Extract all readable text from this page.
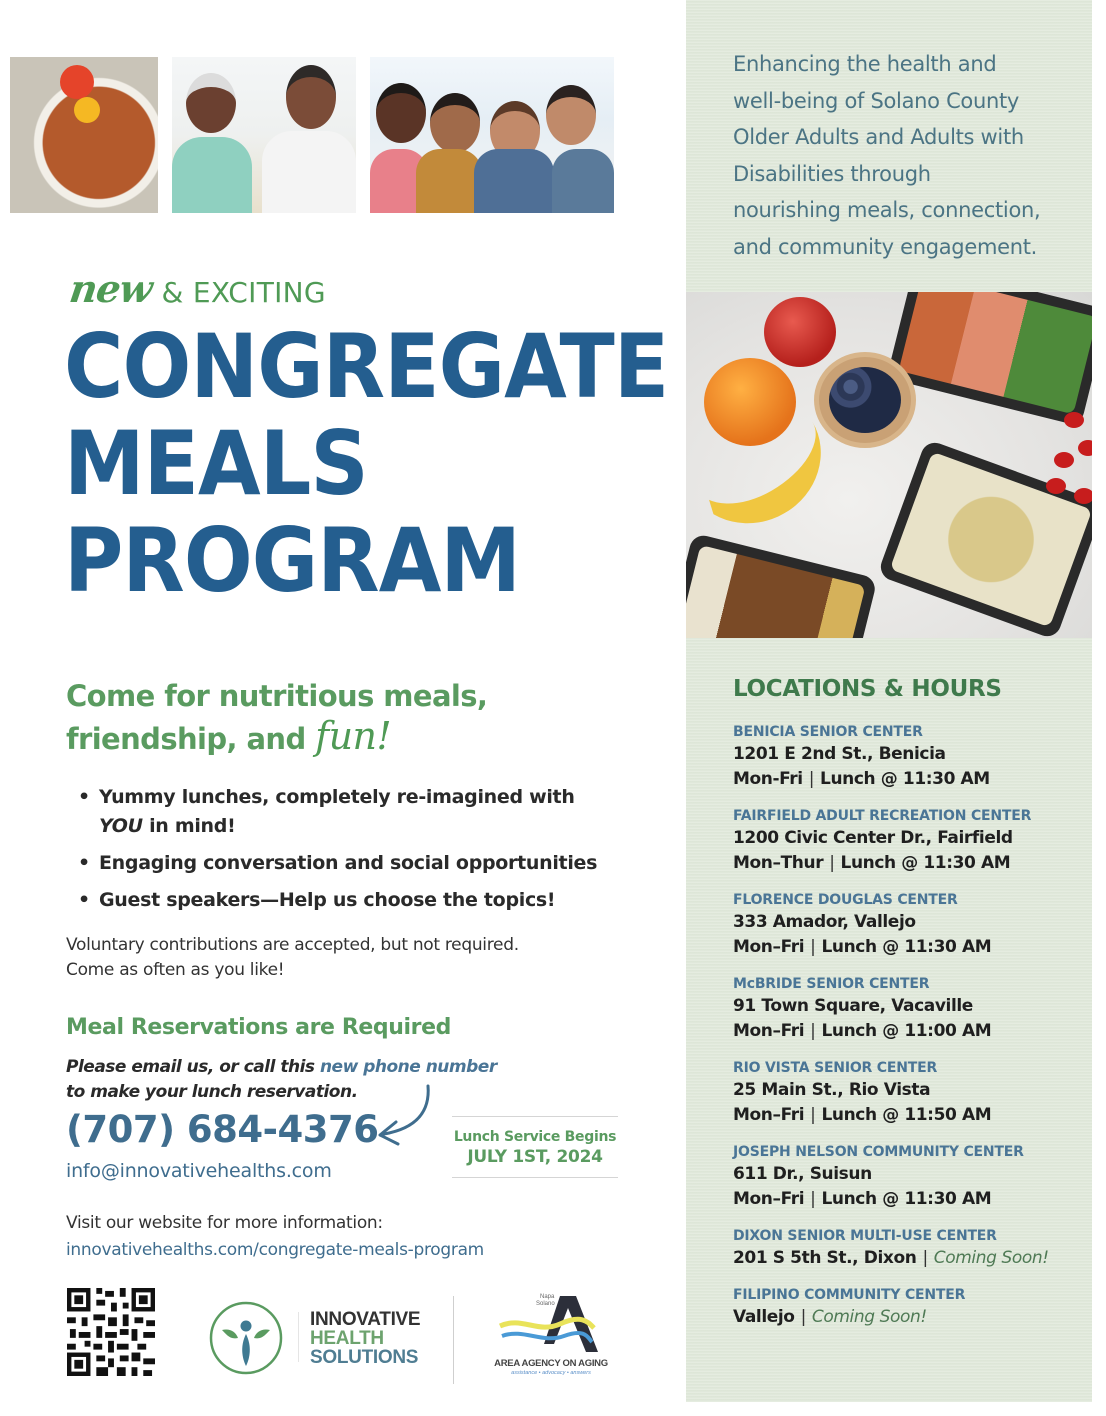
Enhancing the health and
well-being of Solano County
Older Adults and Adults with
Disabilities through
nourishing meals, connection,
and community engagement.
new & EXCITING
CONGREGATE
MEALS
PROGRAM
Come for nutritious meals,
friendship, and fun!
• Yummy lunches, completely re-imagined with
YOU in mind!
• Engaging conversation and social opportunities
• Guest speakers—Help us choose the topics!
Voluntary contributions are accepted, but not required.
Come as often as you like!
Meal Reservations are Required
Please email us, or call this new phone number
to make your lunch reservation.
(707) 684-4376
info@innovativehealths.com
Lunch Service Begins
JULY 1ST, 2024
Visit our website for more information:
innovativehealths.com/congregate-meals-program
INNOVATIVE
HEALTH
SOLUTIONS
Napa
Solano
AREA AGENCY ON AGING
assistance • advocacy • answers
LOCATIONS & HOURS
BENICIA SENIOR CENTER
1201 E 2nd St., Benicia
Mon-Fri | Lunch @ 11:30 AM
FAIRFIELD ADULT RECREATION CENTER
1200 Civic Center Dr., Fairfield
Mon–Thur | Lunch @ 11:30 AM
FLORENCE DOUGLAS CENTER
333 Amador, Vallejo
Mon–Fri | Lunch @ 11:30 AM
McBRIDE SENIOR CENTER
91 Town Square, Vacaville
Mon–Fri | Lunch @ 11:00 AM
RIO VISTA SENIOR CENTER
25 Main St., Rio Vista
Mon–Fri | Lunch @ 11:50 AM
JOSEPH NELSON COMMUNITY CENTER
611 Dr., Suisun
Mon–Fri | Lunch @ 11:30 AM
DIXON SENIOR MULTI-USE CENTER
201 S 5th St., Dixon | Coming Soon!
FILIPINO COMMUNITY CENTER
Vallejo | Coming Soon!
